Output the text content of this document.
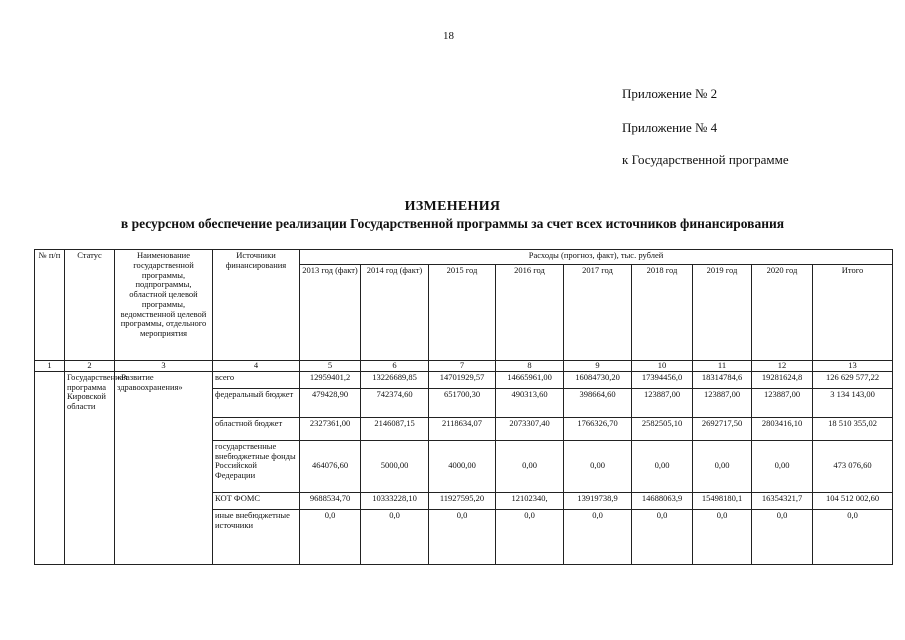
18
Приложение № 2
Приложение № 4
к Государственной программе
ИЗМЕНЕНИЯ
в ресурсном обеспечение реализации Государственной программы за счет всех источников финансирования
№ п/п	Статус	Наименование государственной программы, подпрограммы, областной целевой программы, ведомственной целевой программы, отдельного мероприятия	Источники финансирования	Расходы (прогноз, факт), тыс. рублей								
				2013 год (факт)	2014 год (факт)	2015 год	2016 год	2017 год	2018 год	2019 год	2020 год	Итого
1	2	3	4	5	6	7	8	9	10	11	12	13
	Государственная программа Кировской области	«Развитие здравоохранения»	всего	12959401,2	13226689,85	14701929,57	14665961,00	16084730,20	17394456,0	18314784,6	19281624,8	126 629 577,22
			федеральный бюджет	479428,90	742374,60	651700,30	490313,60	398664,60	123887,00	123887,00	123887,00	3 134 143,00
			областной бюджет	2327361,00	2146087,15	2118634,07	2073307,40	1766326,70	2582505,10	2692717,50	2803416,10	18 510 355,02
			государственные внебюджетные фонды Российской Федерации	464076,60	5000,00	4000,00	0,00	0,00	0,00	0,00	0,00	473 076,60
			КОТ ФОМС	9688534,70	10333228,10	11927595,20	12102340,	13919738,9	14688063,9	15498180,1	16354321,7	104 512 002,60
			иные внебюджетные источники	0,0	0,0	0,0	0,0	0,0	0,0	0,0	0,0	0,0
